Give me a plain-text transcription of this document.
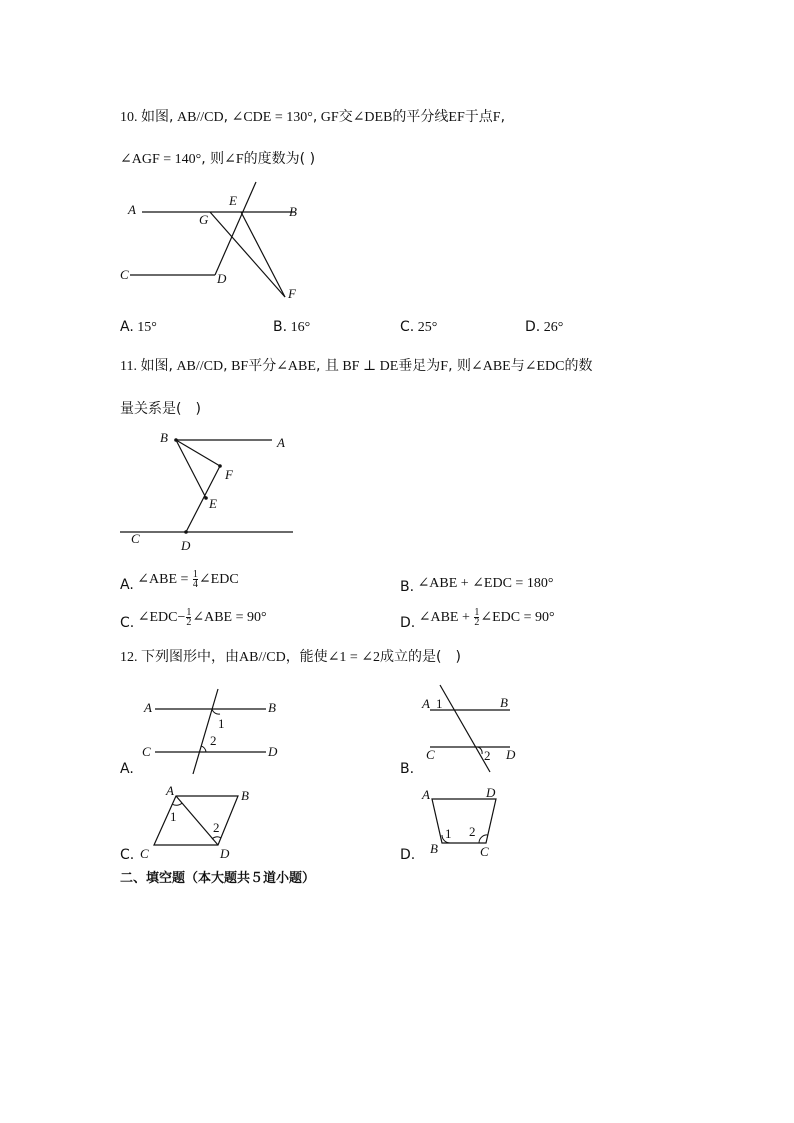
10. 如图, AB//CD, ∠CDE = 130°, GF交∠DEB的平分线EF于点F,
∠AGF = 140°, 则∠F的度数为( )
A
G
E
B
C	D
F
A. 15°	B. 16°	C. 25°	D. 26°
11. 如图, AB//CD, BF平分∠ABE, 且 BF ⊥ DE垂足为F, 则∠ABE与∠EDC的数
量关系是(　)
B	A
F
E
C	D
A. ∠ABE = $\frac{1}{4}$ ∠EDC	B. ∠ABE + ∠EDC = 180°
C. ∠EDC− $\frac{1}{2}$ ∠ABE = 90°	D. ∠ABE + $\frac{1}{2}$ ∠EDC = 90°
12. 下列图形中，由AB//CD，能使∠1 = ∠2成立的是(　)
A	B
C	D
1
2
A.
A 1	B
C	2 D
B.
A	B
1
2
C	D
C.
A	D
1 2
B	C
D.
二、填空题（本大题共５道小题）
